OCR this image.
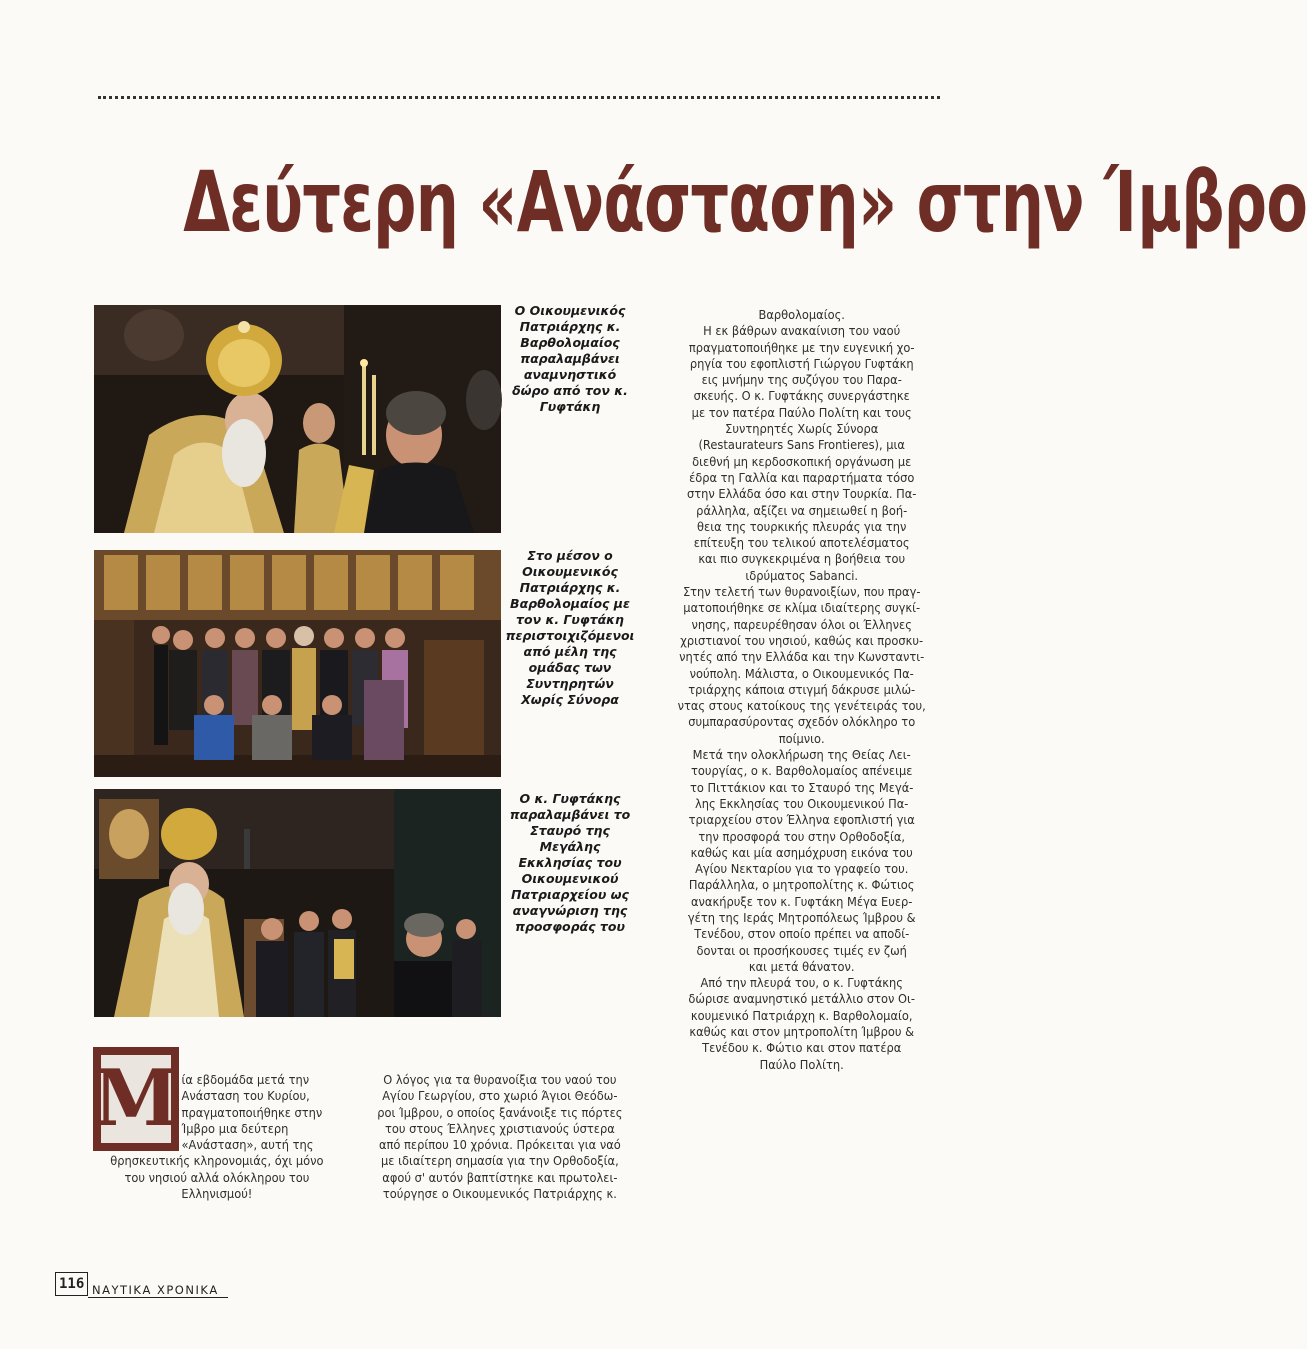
Δεύτερη «Ανάσταση» στην Ίμβρο
Ο Οικουμενικός Πατριάρχης κ. Βαρθολομαίος παραλαμβάνει αναμνηστικό δώρο από τον κ. Γυφτάκη
Στο μέσον ο Οικουμενικός Πατριάρχης κ. Βαρθολομαίος με τον κ. Γυφτάκη περιστοιχιζόμενοι από μέλη της ομάδας των Συντηρητών Χωρίς Σύνορα
Ο κ. Γυφτάκης παραλαμβάνει το Σταυρό της Μεγάλης Εκκλησίας του Οικουμενικού Πατριαρχείου ως αναγνώριση της προσφοράς του

Βαρθολομαίος.

Η εκ βάθρων ανακαίνιση του ναού

πραγματοποιήθηκε με την ευγενική χο-

ρηγία του εφοπλιστή Γιώργου Γυφτάκη

εις μνήμην της συζύγου του Παρα-

σκευής. Ο κ. Γυφτάκης συνεργάστηκε

με τον πατέρα Παύλο Πολίτη και τους

Συντηρητές Χωρίς Σύνορα

(Restaurateurs Sans Frontieres), μια

διεθνή μη κερδοσκοπική οργάνωση με

έδρα τη Γαλλία και παραρτήματα τόσο

στην Ελλάδα όσο και στην Τουρκία. Πα-

ράλληλα, αξίζει να σημειωθεί η βοή-

θεια της τουρκικής πλευράς για την

επίτευξη του τελικού αποτελέσματος

και πιο συγκεκριμένα η βοήθεια του

ιδρύματος Sabanci.

Στην τελετή των θυρανοιξίων, που πραγ-

ματοποιήθηκε σε κλίμα ιδιαίτερης συγκί-

νησης, παρευρέθησαν όλοι οι Έλληνες

χριστιανοί του νησιού, καθώς και προσκυ-

νητές από την Ελλάδα και την Κωνσταντι-

νούπολη. Μάλιστα, ο Οικουμενικός Πα-

τριάρχης κάποια στιγμή δάκρυσε μιλώ-

ντας στους κατοίκους της γενέτειράς του,

συμπαρασύροντας σχεδόν ολόκληρο το

ποίμνιο.

Μετά την ολοκλήρωση της Θείας Λει-

τουργίας, ο κ. Βαρθολομαίος απένειμε

το Πιττάκιον και το Σταυρό της Μεγά-

λης Εκκλησίας του Οικουμενικού Πα-

τριαρχείου στον Έλληνα εφοπλιστή για

την προσφορά του στην Ορθοδοξία,

καθώς και μία ασημόχρυση εικόνα του

Αγίου Νεκταρίου για το γραφείο του.

Παράλληλα, ο μητροπολίτης κ. Φώτιος

ανακήρυξε τον κ. Γυφτάκη Μέγα Ευερ-

γέτη της Ιεράς Μητροπόλεως Ίμβρου &

Τενέδου, στον οποίο πρέπει να αποδί-

δονται οι προσήκουσες τιμές εν ζωή

και μετά θάνατον.

Από την πλευρά του, ο κ. Γυφτάκης

δώρισε αναμνηστικό μετάλλιο στον Οι-

κουμενικό Πατριάρχη κ. Βαρθολομαίο,

καθώς και στον μητροπολίτη Ίμβρου &

Τενέδου κ. Φώτιο και στον πατέρα

Παύλο Πολίτη.

Μ ία εβδομάδα μετά την
Ανάσταση του Κυρίου,
πραγματοποιήθηκε στην
Ίμβρο μια δεύτερη
«Ανάσταση», αυτή της
θρησκευτικής κληρονομιάς, όχι μόνο
του νησιού αλλά ολόκληρου του
Ελληνισμού!

Ο λόγος για τα θυρανοίξια του ναού του

Αγίου Γεωργίου, στο χωριό Άγιοι Θεόδω-

ροι Ίμβρου, ο οποίος ξανάνοιξε τις πόρτες

του στους Έλληνες χριστιανούς ύστερα

από περίπου 10 χρόνια. Πρόκειται για ναό

με ιδιαίτερη σημασία για την Ορθοδοξία,

αφού σ' αυτόν βαπτίστηκε και πρωτολει-

τούργησε ο Οικουμενικός Πατριάρχης κ.

116 ΝΑΥΤΙΚΑ ΧΡΟΝΙΚΑ
